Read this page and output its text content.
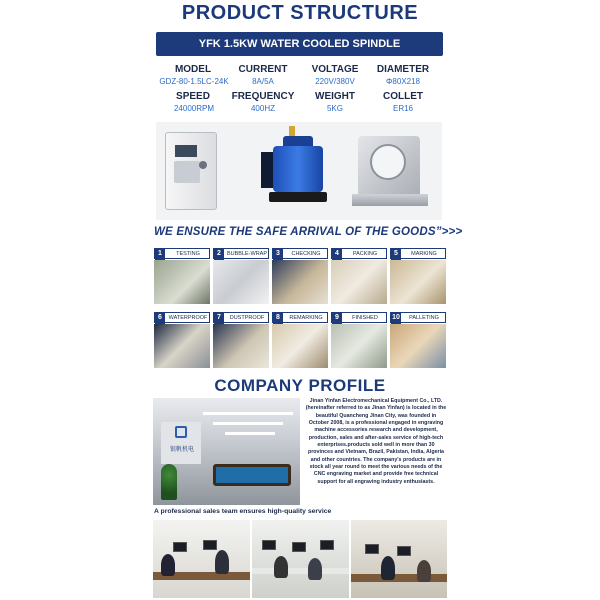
PRODUCT STRUCTURE
YFK 1.5KW WATER COOLED SPINDLE
MODEL	CURRENT	VOLTAGE	DIAMETER
GDZ-80-1.5LC-24K	8A/5A	220V/380V	Φ80X218
SPEED	FREQUENCY	WEIGHT	COLLET
24000RPM	400HZ	5KG	ER16
WE ENSURE THE SAFE ARRIVAL OF THE GOODS”>>>
1	TESTING	2	BUBBLE-WRAP	3	CHECKING	4	PACKING	5	MARKING
6	WATERPROOF	7	DUSTPROOF	8	REMARKING	9	FINISHED	10	PALLETING
COMPANY PROFILE
银帆机电
Jinan Yinfan Electromechanical Equipment Co., LTD. (hereinafter referred to as Jinan Yinfan) is located in the beautiful Quancheng Jinan City, was founded in October 2008, is a professional engaged in engraving machine accessories research and development, production, sales and after-sales service of high-tech enterprises.products sold well in more than 30 provinces and Vietnam, Brazil, Pakistan, India, Algeria and other countries. The company's products are in stock all year round to meet the various needs of the CNC engraving market and provide free technical support for all engraving industry enthusiasts.
A professional sales team ensures high-quality service
